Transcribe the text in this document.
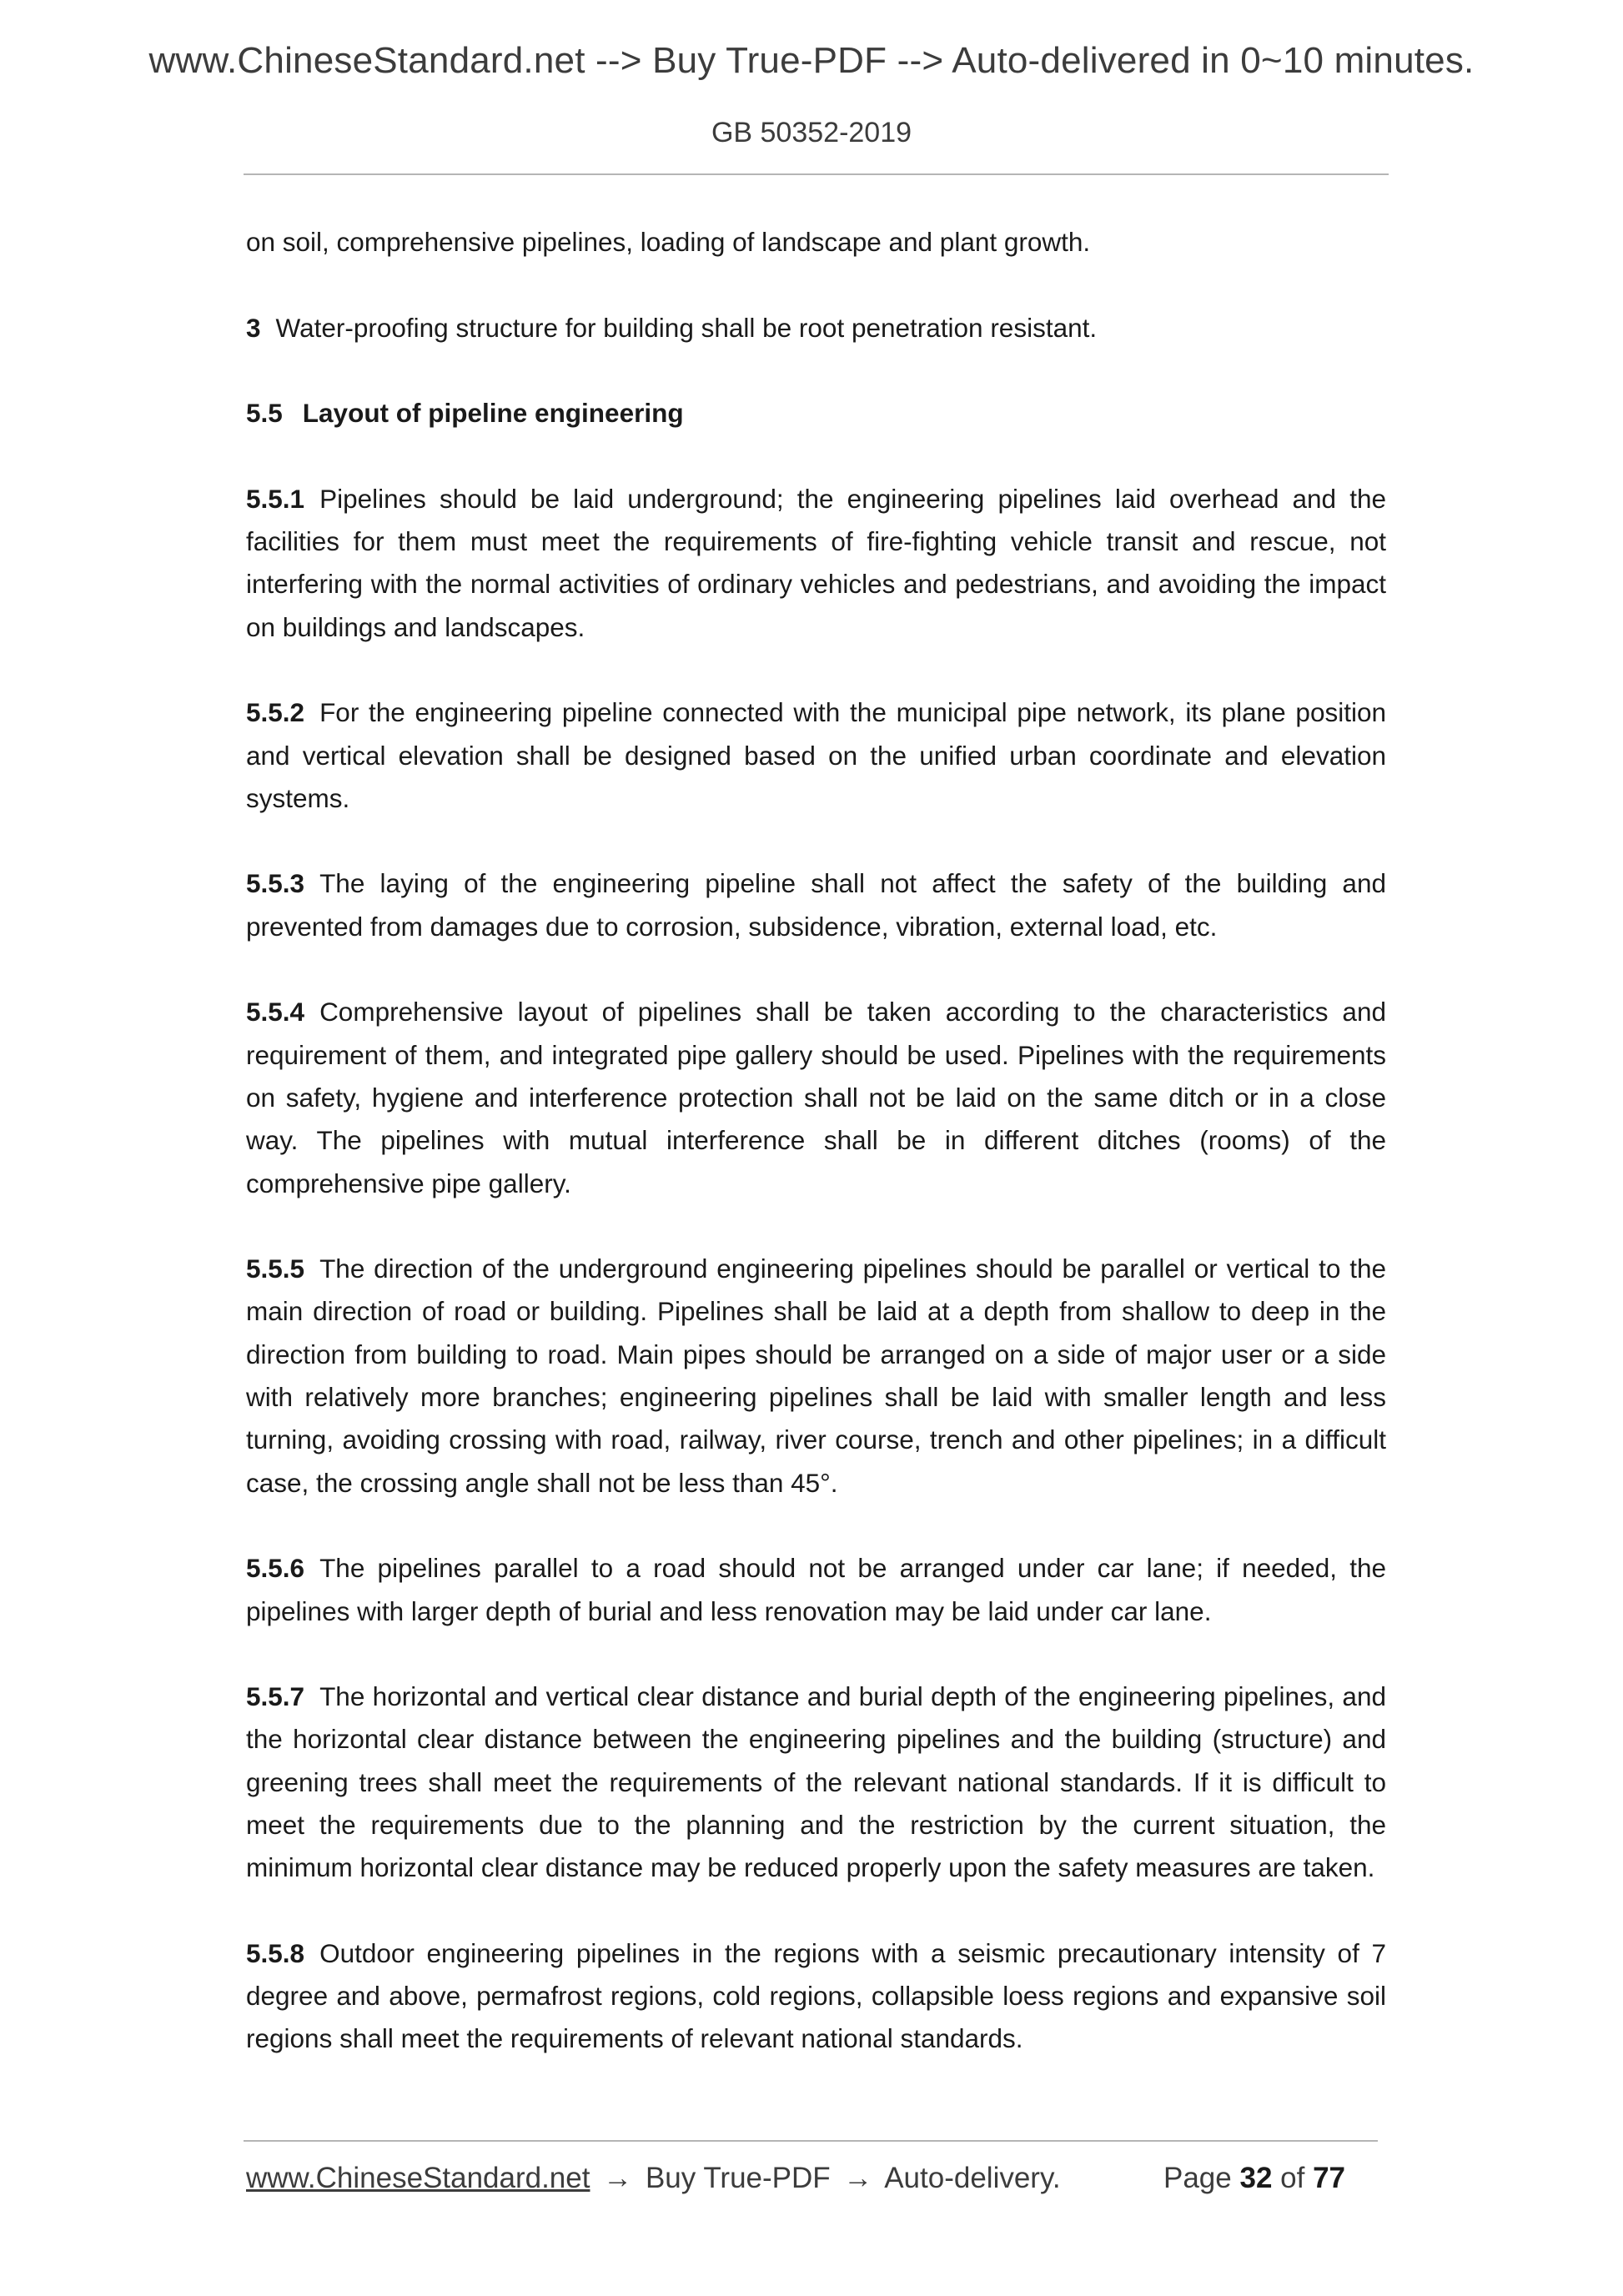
www.ChineseStandard.net --> Buy True-PDF --> Auto-delivered in 0~10 minutes.
GB 50352-2019

on soil, comprehensive pipelines, loading of landscape and plant growth.

3 Water-proofing structure for building shall be root penetration resistant.

5.5 Layout of pipeline engineering

5.5.1 Pipelines should be laid underground; the engineering pipelines laid overhead and the facilities for them must meet the requirements of fire-fighting vehicle transit and rescue, not interfering with the normal activities of ordinary vehicles and pedestrians, and avoiding the impact on buildings and landscapes.

5.5.2 For the engineering pipeline connected with the municipal pipe network, its plane position and vertical elevation shall be designed based on the unified urban coordinate and elevation systems.

5.5.3 The laying of the engineering pipeline shall not affect the safety of the building and prevented from damages due to corrosion, subsidence, vibration, external load, etc.

5.5.4 Comprehensive layout of pipelines shall be taken according to the characteristics and requirement of them, and integrated pipe gallery should be used. Pipelines with the requirements on safety, hygiene and interference protection shall not be laid on the same ditch or in a close way. The pipelines with mutual interference shall be in different ditches (rooms) of the comprehensive pipe gallery.

5.5.5 The direction of the underground engineering pipelines should be parallel or vertical to the main direction of road or building. Pipelines shall be laid at a depth from shallow to deep in the direction from building to road. Main pipes should be arranged on a side of major user or a side with relatively more branches; engineering pipelines shall be laid with smaller length and less turning, avoiding crossing with road, railway, river course, trench and other pipelines; in a difficult case, the crossing angle shall not be less than 45°.

5.5.6 The pipelines parallel to a road should not be arranged under car lane; if needed, the pipelines with larger depth of burial and less renovation may be laid under car lane.

5.5.7 The horizontal and vertical clear distance and burial depth of the engineering pipelines, and the horizontal clear distance between the engineering pipelines and the building (structure) and greening trees shall meet the requirements of the relevant national standards. If it is difficult to meet the requirements due to the planning and the restriction by the current situation, the minimum horizontal clear distance may be reduced properly upon the safety measures are taken.

5.5.8 Outdoor engineering pipelines in the regions with a seismic precautionary intensity of 7 degree and above, permafrost regions, cold regions, collapsible loess regions and expansive soil regions shall meet the requirements of relevant national standards.

www.ChineseStandard.net → Buy True-PDF → Auto-delivery.	Page 32 of 77
